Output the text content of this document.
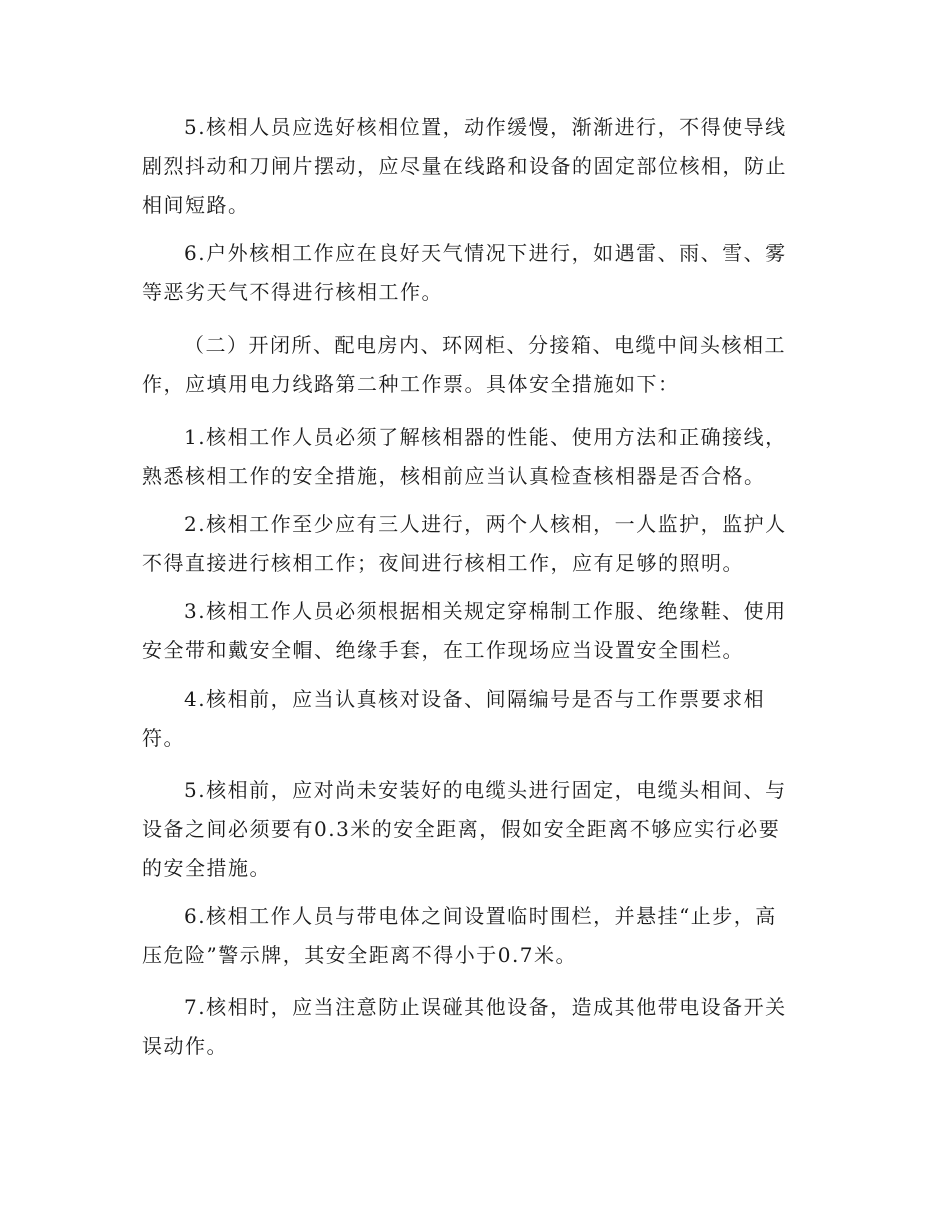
5.核相人员应选好核相位置，动作缓慢，渐渐进行，不得使导线
剧烈抖动和刀闸片摆动，应尽量在线路和设备的固定部位核相，防止
相间短路。

6.户外核相工作应在良好天气情况下进行，如遇雷、雨、雪、雾
等恶劣天气不得进行核相工作。

（二）开闭所、配电房内、环网柜、分接箱、电缆中间头核相工
作，应填用电力线路第二种工作票。具体安全措施如下：

1.核相工作人员必须了解核相器的性能、使用方法和正确接线，
熟悉核相工作的安全措施，核相前应当认真检查核相器是否合格。

2.核相工作至少应有三人进行，两个人核相，一人监护，监护人
不得直接进行核相工作；夜间进行核相工作，应有足够的照明。

3.核相工作人员必须根据相关规定穿棉制工作服、绝缘鞋、使用
安全带和戴安全帽、绝缘手套，在工作现场应当设置安全围栏。

4.核相前，应当认真核对设备、间隔编号是否与工作票要求相
符。

5.核相前，应对尚未安装好的电缆头进行固定，电缆头相间、与
设备之间必须要有0.3米的安全距离，假如安全距离不够应实行必要
的安全措施。

6.核相工作人员与带电体之间设置临时围栏，并悬挂“止步，高
压危险”警示牌，其安全距离不得小于0.7米。

7.核相时，应当注意防止误碰其他设备，造成其他带电设备开关
误动作。
